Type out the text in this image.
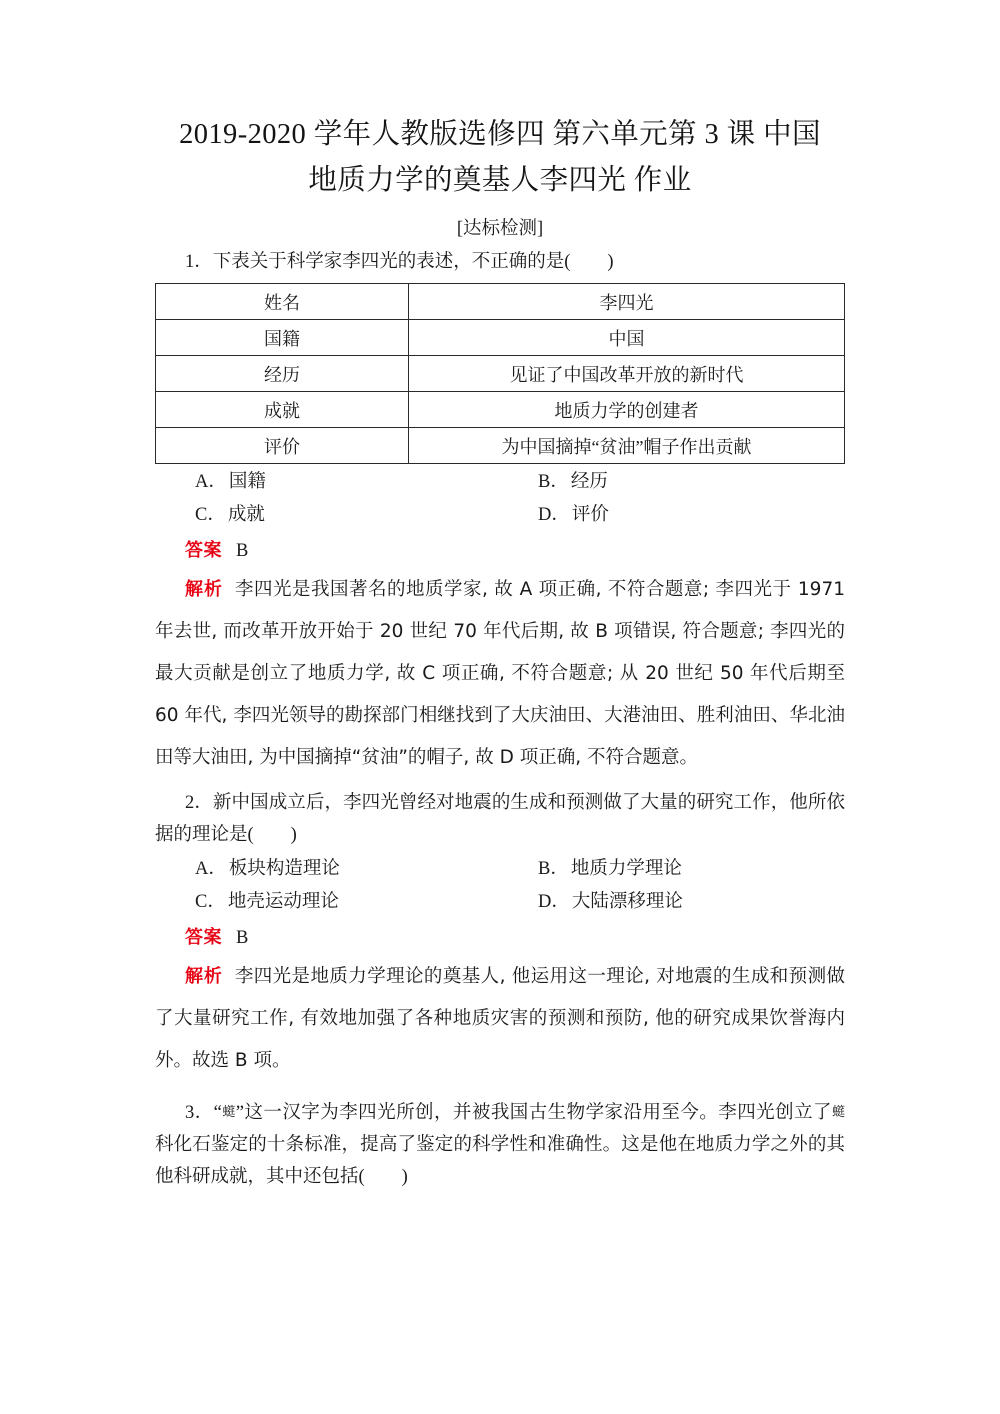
2019-2020 学年人教版选修四 第六单元第 3 课 中国
地质力学的奠基人李四光 作业
[达标检测]
1．下表关于科学家李四光的表述，不正确的是(　　)
姓名	李四光
国籍	中国
经历	见证了中国改革开放的新时代
成就	地质力学的创建者
评价	为中国摘掉“贫油”帽子作出贡献
A． 国籍	B． 经历
C． 成就	D． 评价
答案 B
解析 李四光是我国著名的地质学家, 故 A 项正确, 不符合题意; 李四光于 1971 年去世, 而改革开放开始于 20 世纪 70 年代后期, 故 B 项错误, 符合题意; 李四光的最大贡献是创立了地质力学, 故 C 项正确, 不符合题意; 从 20 世纪 50 年代后期至 60 年代, 李四光领导的勘探部门相继找到了大庆油田、大港油田、胜利油田、华北油田等大油田, 为中国摘掉“贫油”的帽子, 故 D 项正确, 不符合题意。
2．新中国成立后，李四光曾经对地震的生成和预测做了大量的研究工作，他所依据的理论是(　　)
A． 板块构造理论	B． 地质力学理论
C． 地壳运动理论	D． 大陆漂移理论
答案 B
解析 李四光是地质力学理论的奠基人, 他运用这一理论, 对地震的生成和预测做了大量研究工作, 有效地加强了各种地质灾害的预测和预防, 他的研究成果饮誉海内外。故选 B 项。
3．“䗴”这一汉字为李四光所创，并被我国古生物学家沿用至今。李四光创立了䗴科化石鉴定的十条标准，提高了鉴定的科学性和准确性。这是他在地质力学之外的其他科研成就，其中还包括(　　)
